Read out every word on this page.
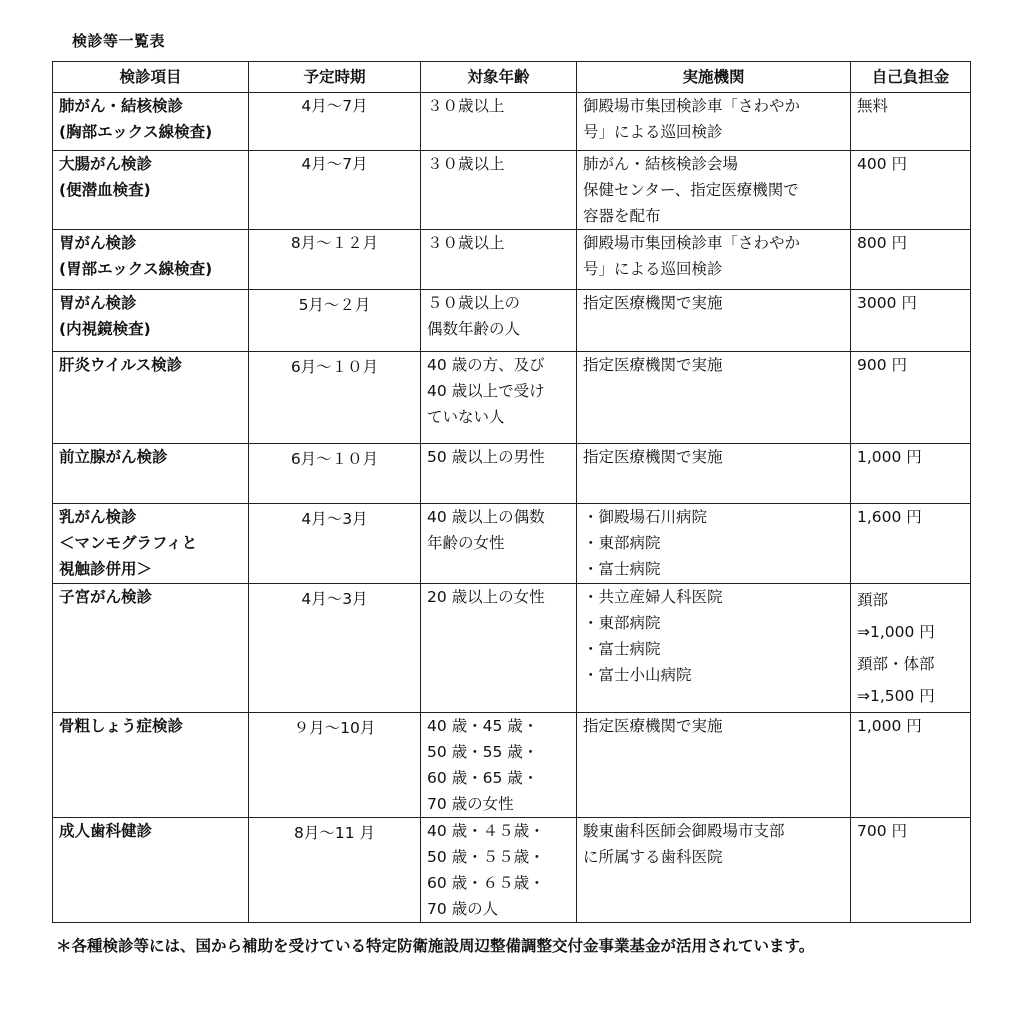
検診等一覧表
検診項目	予定時期	対象年齢	実施機関	自己負担金

肺がん・結核検診
(胸部エックス線検査)	4月～7月	３０歳以上	御殿場市集団検診車「さわやか
号」による巡回検診	無料

大腸がん検診
(便潜血検査)	4月～7月	３０歳以上	肺がん・結核検診会場
保健センター、指定医療機関で
容器を配布	400 円

胃がん検診
(胃部エックス線検査)	8月～１２月	３０歳以上	御殿場市集団検診車「さわやか
号」による巡回検診	800 円

胃がん検診
(内視鏡検査)	5月～２月	５０歳以上の
偶数年齢の人	指定医療機関で実施	3000 円

肝炎ウイルス検診	6月～１０月	40 歳の方、及び
40 歳以上で受け
ていない人	指定医療機関で実施	900 円

前立腺がん検診	6月～１０月	50 歳以上の男性	指定医療機関で実施	1,000 円

乳がん検診
＜マンモグラフィと
視触診併用＞	4月～3月	40 歳以上の偶数
年齢の女性	・ 御殿場石川病院
・ 東部病院
・ 富士病院	1,600 円

子宮がん検診	4月～3月	20 歳以上の女性	・ 共立産婦人科医院
・ 東部病院
・ 富士病院
・ 富士小山病院	頚部
⇒1,000 円
頚部・体部
⇒1,500 円

骨粗しょう症検診	９月～10月	40 歳・45 歳・
50 歳・55 歳・
60 歳・65 歳・
70 歳の女性	指定医療機関で実施	1,000 円

成人歯科健診	8月～11 月	40 歳・４５歳・
50 歳・５５歳・
60 歳・６５歳・
70 歳の人	駿東歯科医師会御殿場市支部
に所属する歯科医院	700 円
＊各種検診等には、国から補助を受けている特定防衛施設周辺整備調整交付金事業基金が活用されています。
